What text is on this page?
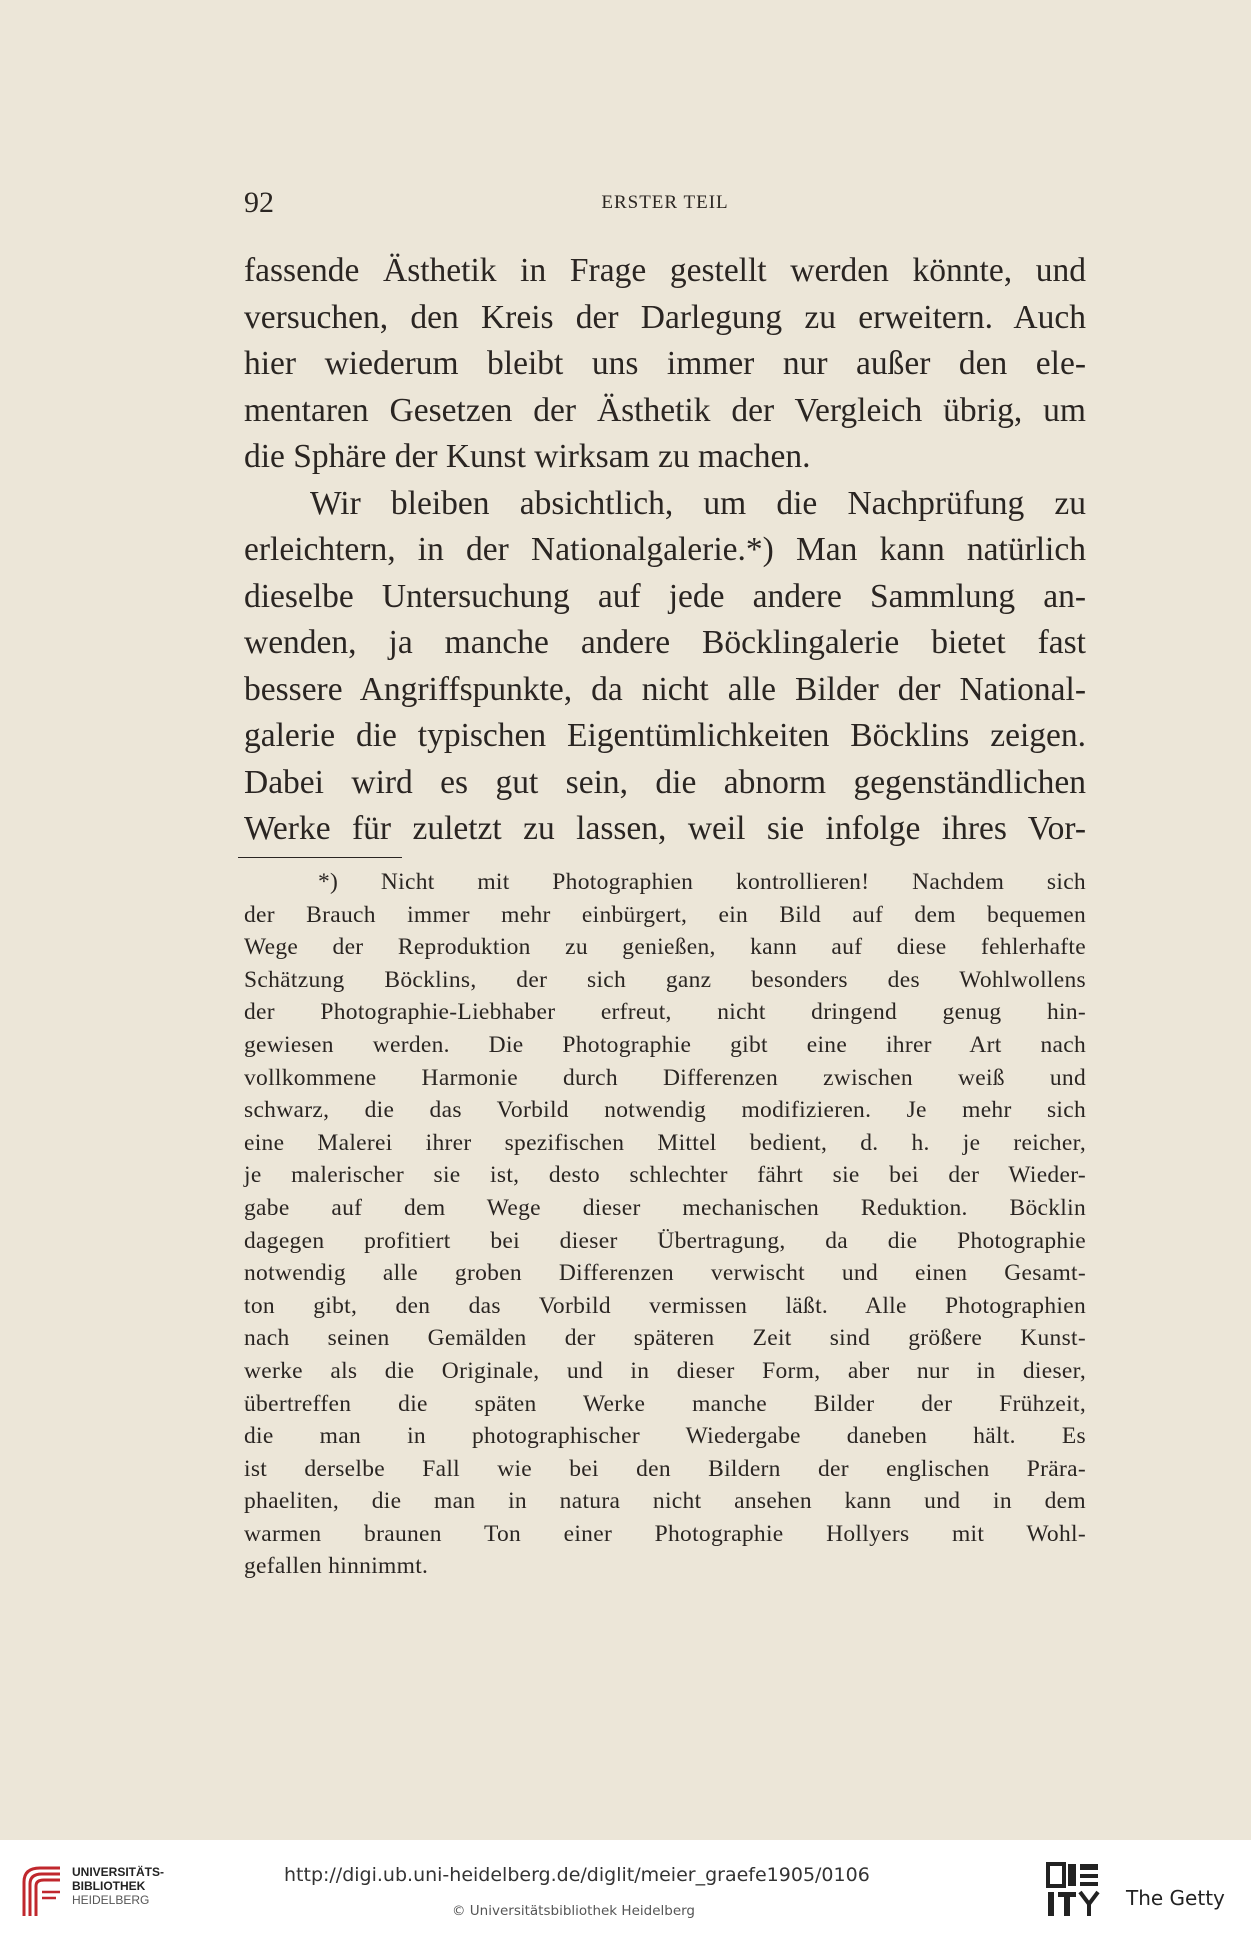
92	ERSTER TEIL
fassende Ästhetik in Frage gestellt werden könnte, und
versuchen, den Kreis der Darlegung zu erweitern. Auch
hier wiederum bleibt uns immer nur außer den ele-
mentaren Gesetzen der Ästhetik der Vergleich übrig, um
die Sphäre der Kunst wirksam zu machen.
Wir bleiben absichtlich, um die Nachprüfung zu
erleichtern, in der Nationalgalerie.*) Man kann natürlich
dieselbe Untersuchung auf jede andere Sammlung an-
wenden, ja manche andere Böcklingalerie bietet fast
bessere Angriffspunkte, da nicht alle Bilder der National-
galerie die typischen Eigentümlichkeiten Böcklins zeigen.
Dabei wird es gut sein, die abnorm gegenständlichen
Werke für zuletzt zu lassen, weil sie infolge ihres Vor-
*) Nicht mit Photographien kontrollieren! Nachdem sich
der Brauch immer mehr einbürgert, ein Bild auf dem bequemen
Wege der Reproduktion zu genießen, kann auf diese fehlerhafte
Schätzung Böcklins, der sich ganz besonders des Wohlwollens
der Photographie-Liebhaber erfreut, nicht dringend genug hin-
gewiesen werden. Die Photographie gibt eine ihrer Art nach
vollkommene Harmonie durch Differenzen zwischen weiß und
schwarz, die das Vorbild notwendig modifizieren. Je mehr sich
eine Malerei ihrer spezifischen Mittel bedient, d. h. je reicher,
je malerischer sie ist, desto schlechter fährt sie bei der Wieder-
gabe auf dem Wege dieser mechanischen Reduktion. Böcklin
dagegen profitiert bei dieser Übertragung, da die Photographie
notwendig alle groben Differenzen verwischt und einen Gesamt-
ton gibt, den das Vorbild vermissen läßt. Alle Photographien
nach seinen Gemälden der späteren Zeit sind größere Kunst-
werke als die Originale, und in dieser Form, aber nur in dieser,
übertreffen die späten Werke manche Bilder der Frühzeit,
die man in photographischer Wiedergabe daneben hält. Es
ist derselbe Fall wie bei den Bildern der englischen Prära-
phaeliten, die man in natura nicht ansehen kann und in dem
warmen braunen Ton einer Photographie Hollyers mit Wohl-
gefallen hinnimmt.
UNIVERSITÄTS-
BIBLIOTHEK
HEIDELBERG
http://digi.ub.uni-heidelberg.de/diglit/meier_graefe1905/0106
© Universitätsbibliothek Heidelberg
The Getty
